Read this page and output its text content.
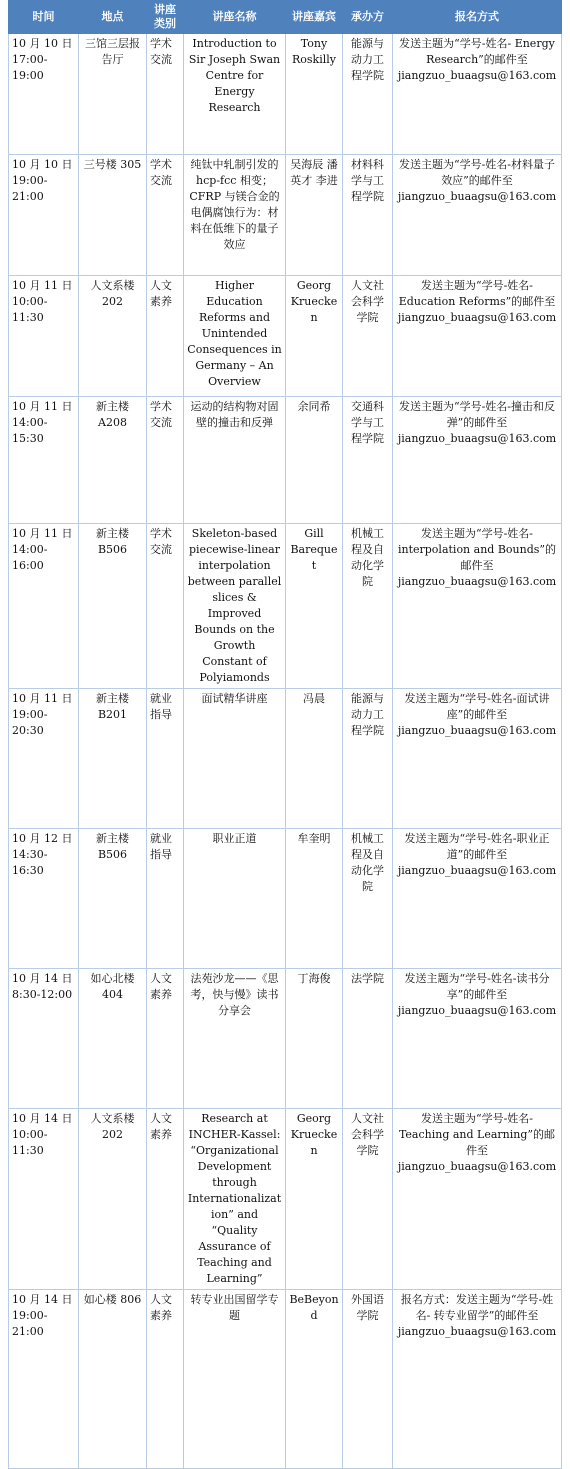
时间	地点	讲座类别	讲座名称	讲座嘉宾	承办方	报名方式
10 月 10 日 17:00-19:00	三馆三层报告厅	学术交流	Introduction to Sir Joseph Swan Centre for Energy Research	Tony Roskilly	能源与动力工程学院	发送主题为“学号-姓名- Energy Research”的邮件至 jiangzuo_buaagsu@163.com
10 月 10 日 19:00-21:00	三号楼 305	学术交流	纯钛中轧制引发的 hcp-fcc 相变；CFRP 与镁合金的电偶腐蚀行为：材料在低维下的量子效应	吴海辰 潘英才 李进	材料科学与工程学院	发送主题为“学号-姓名-材料量子效应”的邮件至 jiangzuo_buaagsu@163.com
10 月 11 日 10:00-11:30	人文系楼 202	人文素养	Higher Education Reforms and Unintended Consequences in Germany – An Overview	Georg Kruecken	人文社会科学学院	发送主题为“学号-姓名-Education Reforms”的邮件至 jiangzuo_buaagsu@163.com
10 月 11 日 14:00-15:30	新主楼 A208	学术交流	运动的结构物对固壁的撞击和反弹	余同希	交通科学与工程学院	发送主题为“学号-姓名-撞击和反弹”的邮件至 jiangzuo_buaagsu@163.com
10 月 11 日 14:00-16:00	新主楼 B506	学术交流	Skeleton-based piecewise-linear interpolation between parallel slices & Improved Bounds on the Growth Constant of Polyiamonds	Gill Barequet	机械工程及自动化学院	发送主题为“学号-姓名-interpolation and Bounds”的邮件至 jiangzuo_buaagsu@163.com
10 月 11 日 19:00-20:30	新主楼 B201	就业指导	面试精华讲座	冯晨	能源与动力工程学院	发送主题为“学号-姓名-面试讲座”的邮件至 jiangzuo_buaagsu@163.com
10 月 12 日 14:30-16:30	新主楼 B506	就业指导	职业正道	牟奎明	机械工程及自动化学院	发送主题为“学号-姓名-职业正道”的邮件至 jiangzuo_buaagsu@163.com
10 月 14 日 8:30-12:00	如心北楼 404	人文素养	法苑沙龙——《思考，快与慢》读书分享会	丁海俊	法学院	发送主题为“学号-姓名-读书分享”的邮件至 jiangzuo_buaagsu@163.com
10 月 14 日 10:00-11:30	人文系楼 202	人文素养	Research at INCHER-Kassel: “Organizational Development through Internationalization” and “Quality Assurance of Teaching and Learning”	Georg Kruecken	人文社会科学学院	发送主题为“学号-姓名-Teaching and Learning”的邮件至 jiangzuo_buaagsu@163.com
10 月 14 日 19:00-21:00	如心楼 806	人文素养	转专业出国留学专题	BeBeyond	外国语学院	报名方式：发送主题为“学号-姓名- 转专业留学”的邮件至 jiangzuo_buaagsu@163.com
